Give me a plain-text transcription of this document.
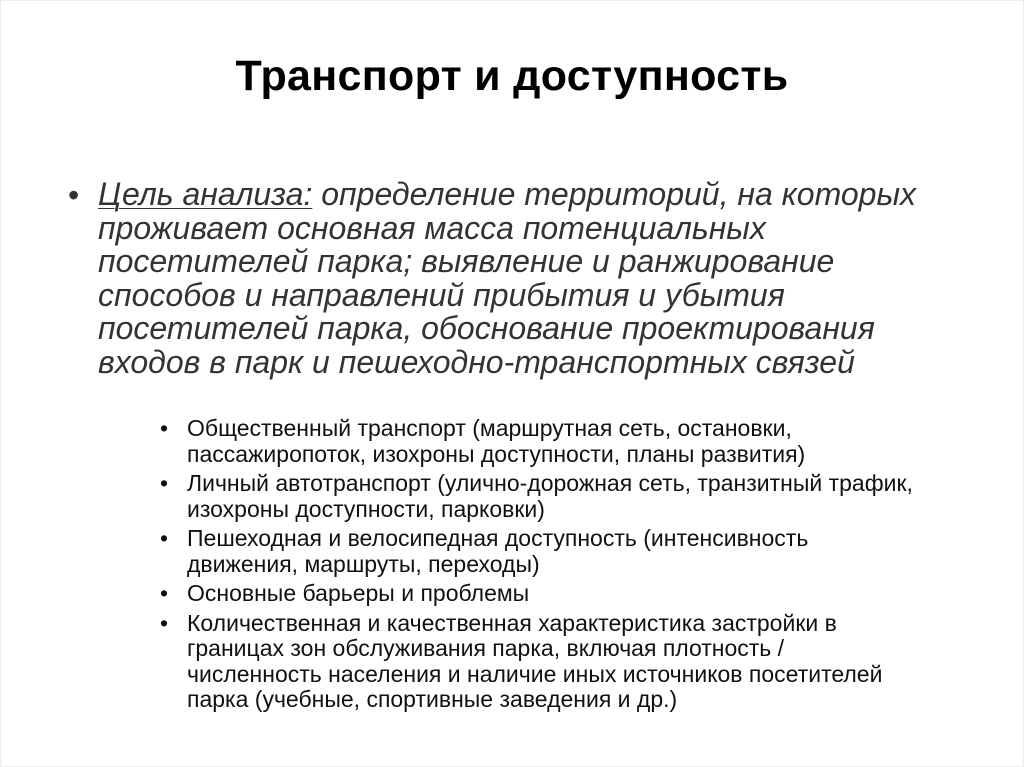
Транспорт и доступность
• Цель анализа: определение территорий, на которых проживает основная масса потенциальных посетителей парка; выявление и ранжирование способов и направлений прибытия и убытия посетителей парка, обоснование проектирования входов в парк и пешеходно-транспортных связей
• Общественный транспорт (маршрутная сеть, остановки, пассажиропоток, изохроны доступности, планы развития)
• Личный автотранспорт (улично-дорожная сеть, транзитный трафик, изохроны доступности, парковки)
• Пешеходная и велосипедная доступность (интенсивность движения, маршруты, переходы)
• Основные барьеры и проблемы
• Количественная и качественная характеристика застройки в границах зон обслуживания парка, включая плотность / численность населения и наличие иных источников посетителей парка (учебные, спортивные заведения и др.)
